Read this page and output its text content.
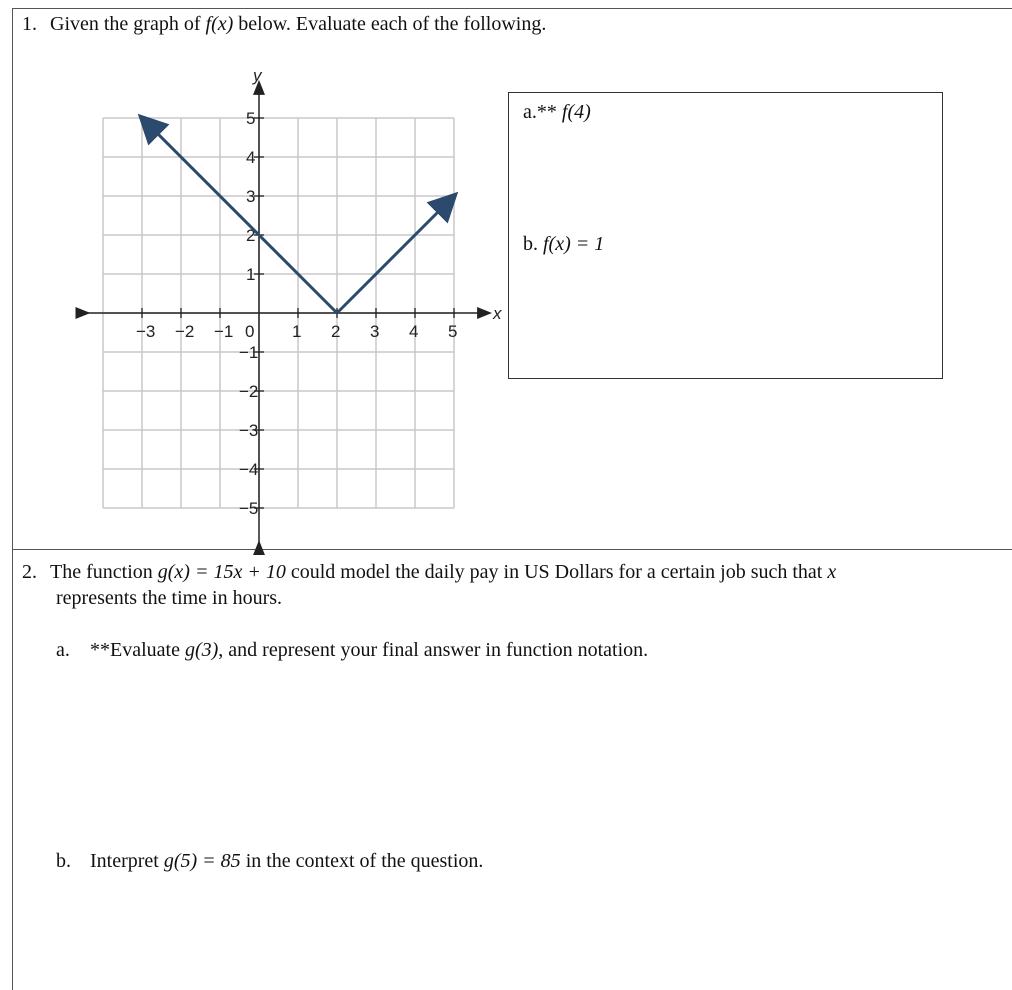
1. Given the graph of f(x) below. Evaluate each of the following.
x
y
−3 −2 −1 0 1 2 3 4 5
5
4
3
2
1
−1
−2
−3
−4
−5
a.** f(4)
b. f(x) = 1
2. The function g(x) = 15x + 10 could model the daily pay in US Dollars for a certain job such that x
represents the time in hours.
a. **Evaluate g(3), and represent your final answer in function notation.
b. Interpret g(5) = 85 in the context of the question.
